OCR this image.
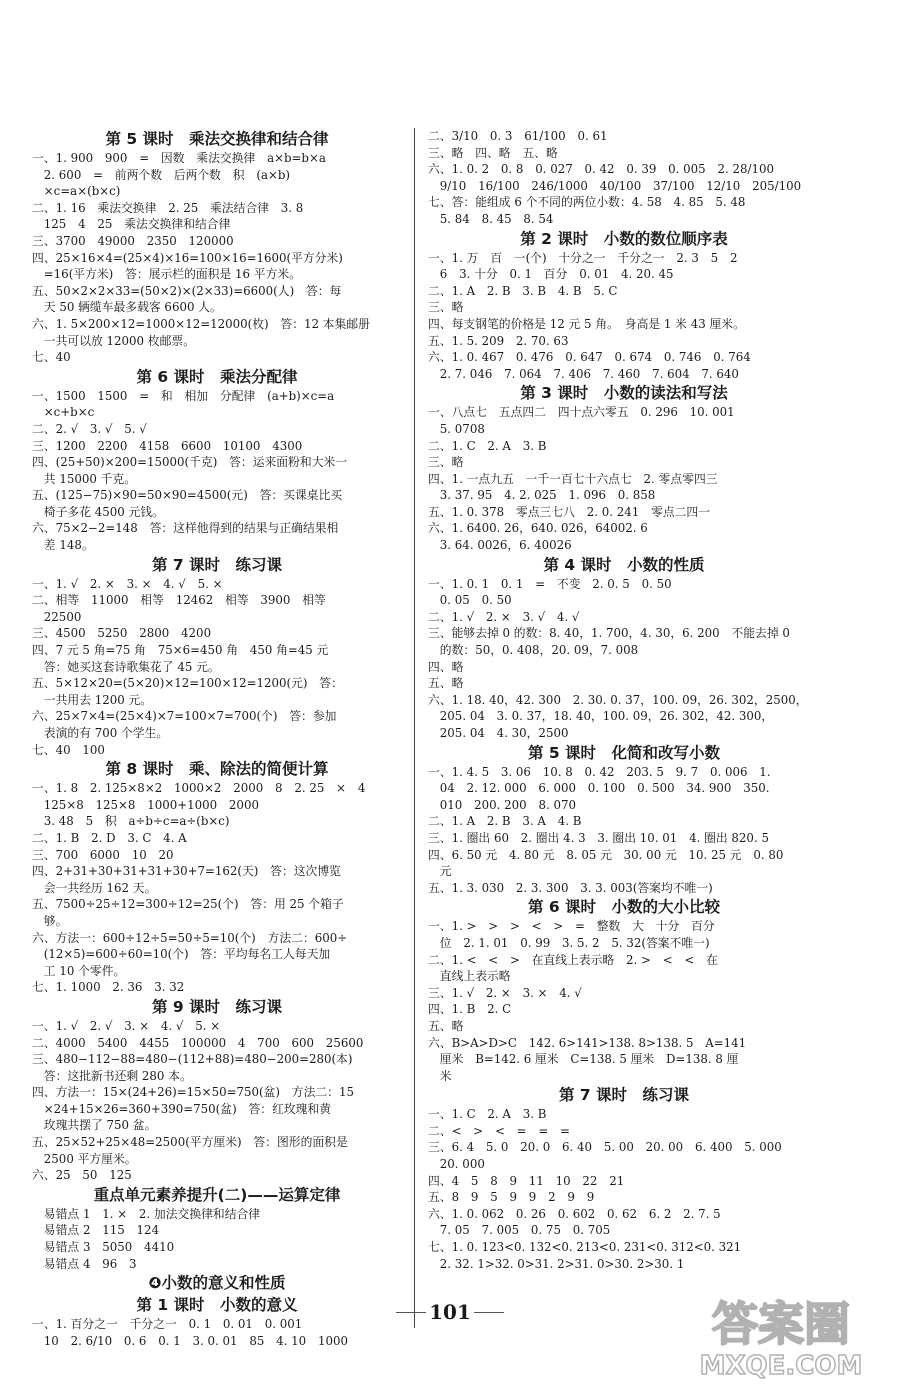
第 5 课时　乘法交换律和结合律
一、1. 900　900　=　因数　乘法交换律　a×b=b×a
　2. 600　=　前两个数　后两个数　积　(a×b)
　×c=a×(b×c)
二、1. 16　乘法交换律　2. 25　乘法结合律　3. 8
　125　4　25　乘法交换律和结合律
三、3700　49000　2350　120000
四、25×16×4=(25×4)×16=100×16=1600(平方分米)
　=16(平方米)　答：展示栏的面积是 16 平方米。
五、50×2×2×33=(50×2)×(2×33)=6600(人)　答：每
　天 50 辆缆车最多载客 6600 人。
六、1. 5×200×12=1000×12=12000(枚)　答：12 本集邮册
　一共可以放 12000 枚邮票。
七、40
第 6 课时　乘法分配律
一、1500　1500　=　和　相加　分配律　(a+b)×c=a
　×c+b×c
二、2. √　3. √　5. √
三、1200　2200　4158　6600　10100　4300
四、(25+50)×200=15000(千克)　答：运来面粉和大米一
　共 15000 千克。
五、(125−75)×90=50×90=4500(元)　答：买课桌比买
　椅子多花 4500 元钱。
六、75×2−2=148　答：这样他得到的结果与正确结果相
　差 148。
第 7 课时　练习课
一、1. √　2. ×　3. ×　4. √　5. ×
二、相等　11000　相等　12462　相等　3900　相等
　22500
三、4500　5250　2800　4200
四、7 元 5 角=75 角　75×6=450 角　450 角=45 元
　答：她买这套诗歌集花了 45 元。
五、5×12×20=(5×20)×12=100×12=1200(元)　答：
　一共用去 1200 元。
六、25×7×4=(25×4)×7=100×7=700(个)　答：参加
　表演的有 700 个学生。
七、40　100
第 8 课时　乘、除法的简便计算
一、1. 8　2. 125×8×2　1000×2　2000　8　2. 25　×　4
　125×8　125×8　1000+1000　2000
　3. 48　5　积　a÷b÷c=a÷(b×c)
二、1. B　2. D　3. C　4. A
三、700　6000　10　20
四、2+31+30+31+31+30+7=162(天)　答：这次博览
　会一共经历 162 天。
五、7500÷25÷12=300÷12=25(个)　答：用 25 个箱子
　够。
六、方法一：600÷12÷5=50÷5=10(个)　方法二：600÷
　(12×5)=600÷60=10(个)　答：平均每名工人每天加
　工 10 个零件。
七、1. 1000　2. 36　3. 32
第 9 课时　练习课
一、1. √　2. √　3. ×　4. √　5. ×
二、4000　5400　4455　100000　4　700　600　25600
三、480−112−88=480−(112+88)=480−200=280(本)
　答：这批新书还剩 280 本。
四、方法一：15×(24+26)=15×50=750(盆)　方法二：15
　×24+15×26=360+390=750(盆)　答：红玫瑰和黄
　玫瑰共摆了 750 盆。
五、25×52+25×48=2500(平方厘米)　答：图形的面积是
　2500 平方厘米。
六、25　50　125
重点单元素养提升(二)——运算定律
　易错点 1　1. ×　2. 加法交换律和结合律
　易错点 2　115　124
　易错点 3　5050　4410
　易错点 4　96　3
❹小数的意义和性质
第 1 课时　小数的意义
一、1. 百分之一　千分之一　0. 1　0. 01　0. 001
　10　2. 6/10　0. 6　0. 1　3. 0. 01　85　4. 10　1000
二、3/10　0. 3　61/100　0. 61
三、略　四、略　五、略
六、1. 0. 2　0. 8　0. 027　0. 42　0. 39　0. 005　2. 28/100
　9/10　16/100　246/1000　40/100　37/100　12/10　205/100
七、答：能组成 6 个不同的两位小数：4. 58　4. 85　5. 48
　5. 84　8. 45　8. 54
第 2 课时　小数的数位顺序表
一、1. 万　百　一(个)　十分之一　千分之一　2. 3　5　2
　6　3. 十分　0. 1　百分　0. 01　4. 20. 45
二、1. A　2. B　3. B　4. B　5. C
三、略
四、每支钢笔的价格是 12 元 5 角。　身高是 1 米 43 厘米。
五、1. 5. 209　2. 70. 63
六、1. 0. 467　0. 476　0. 647　0. 674　0. 746　0. 764
　2. 7. 046　7. 064　7. 406　7. 460　7. 604　7. 640
第 3 课时　小数的读法和写法
一、八点七　五点四二　四十点六零五　0. 296　10. 001
　5. 0708
二、1. C　2. A　3. B
三、略
四、1. 一点九五　一千一百七十六点七　2. 零点零四三
　3. 37. 95　4. 2. 025　1. 096　0. 858
五、1. 0. 378　零点三七八　2. 0. 241　零点二四一
六、1. 6400. 26，640. 026，64002. 6
　3. 64. 0026，6. 40026
第 4 课时　小数的性质
一、1. 0. 1　0. 1　=　不变　2. 0. 5　0. 50
　0. 05　0. 50
二、1. √　2. ×　3. √　4. √
三、能够去掉 0 的数：8. 40，1. 700，4. 30，6. 200　不能去掉 0
　的数：50，0. 408，20. 09，7. 008
四、略
五、略
六、1. 18. 40，42. 300　2. 30. 0. 37，100. 09，26. 302，2500，
　205. 04　3. 0. 37，18. 40，100. 09，26. 302，42. 300，
　205. 04　4. 30，2500
第 5 课时　化简和改写小数
一、1. 4. 5　3. 06　10. 8　0. 42　203. 5　9. 7　0. 006　1.
　04　2. 12. 000　6. 000　0. 100　0. 500　34. 900　350.
　010　200. 200　8. 070
二、1. A　2. B　3. A　4. B
三、1. 圈出 60　2. 圈出 4. 3　3. 圈出 10. 01　4. 圈出 820. 5
四、6. 50 元　4. 80 元　8. 05 元　30. 00 元　10. 25 元　0. 80
　元
五、1. 3. 030　2. 3. 300　3. 3. 003(答案均不唯一)
第 6 课时　小数的大小比较
一、1. >　>　>　<　>　=　整数　大　十分　百分
　位　2. 1. 01　0. 99　3. 5. 2　5. 32(答案不唯一)
二、1. <　<　>　在直线上表示略　2. >　<　<　在
　直线上表示略
三、1. √　2. ×　3. ×　4. √
四、1. B　2. C
五、略
六、B>A>D>C　142. 6>141>138. 8>138. 5　A=141
　厘米　B=142. 6 厘米　C=138. 5 厘米　D=138. 8 厘
　米
第 7 课时　练习课
一、1. C　2. A　3. B
二、<　>　<　=　=　=
三、6. 4　5. 0　20. 0　6. 40　5. 00　20. 00　6. 400　5. 000
　20. 000
四、4　5　8　9　11　10　22　21
五、8　9　5　9　9　2　9　9
六、1. 0. 062　0. 26　0. 602　0. 62　6. 2　2. 7. 5
　7. 05　7. 005　0. 75　0. 705
七、1. 0. 123<0. 132<0. 213<0. 231<0. 312<0. 321
　2. 32. 1>32. 0>31. 2>31. 0>30. 2>30. 1
101	答案圈
MXQE.COM
